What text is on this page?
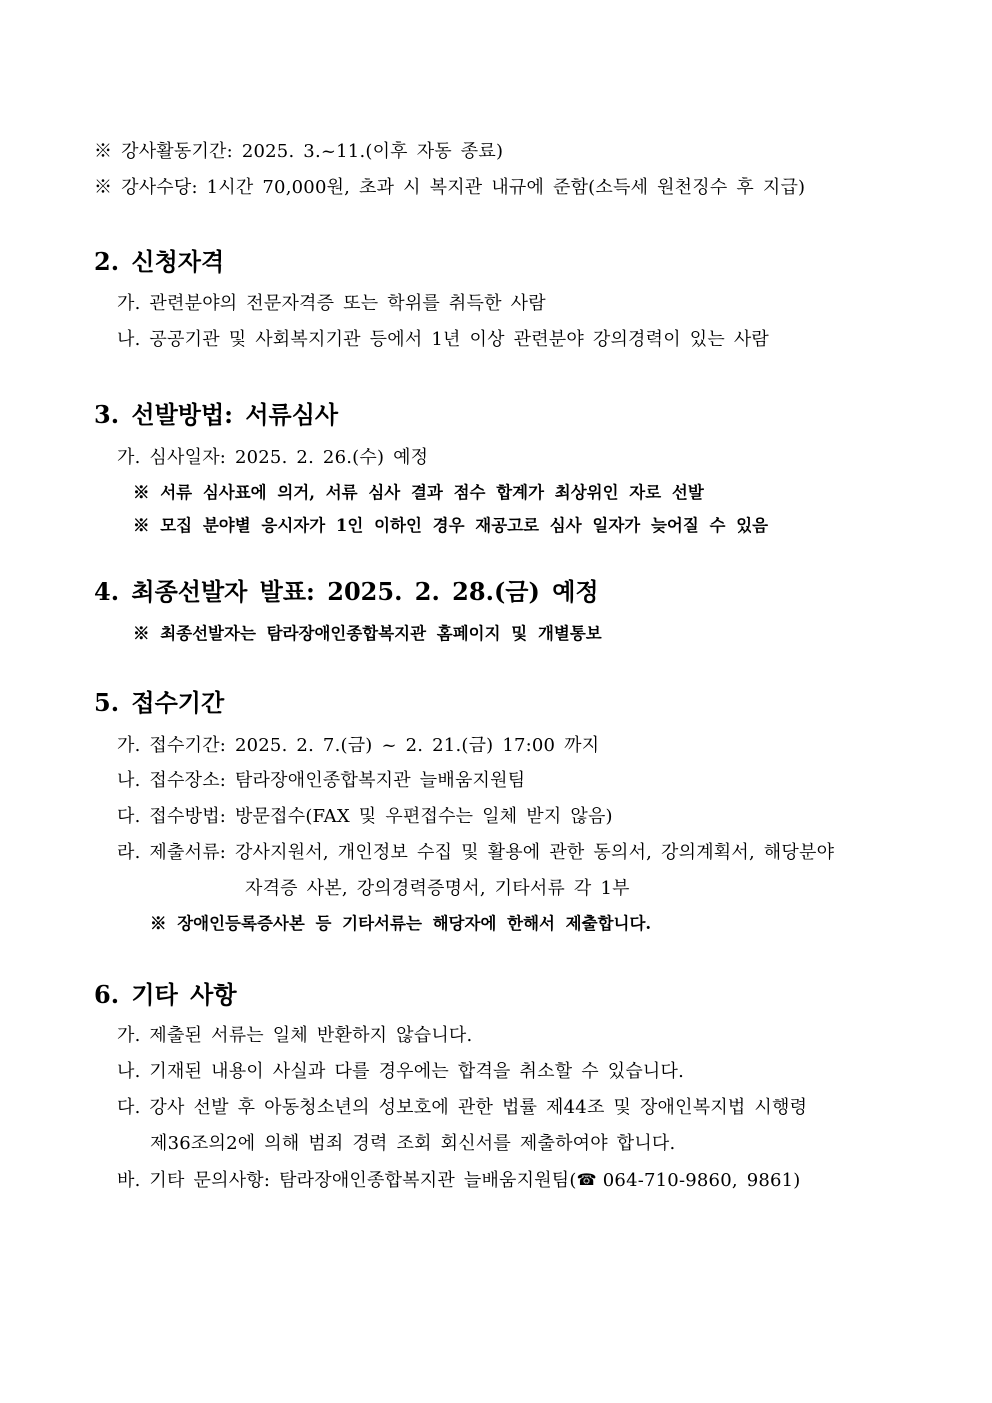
※ 강사활동기간: 2025. 3.~11.(이후 자동 종료)
※ 강사수당: 1시간 70,000원, 초과 시 복지관 내규에 준함(소득세 원천징수 후 지급)
2. 신청자격
가. 관련분야의 전문자격증 또는 학위를 취득한 사람
나. 공공기관 및 사회복지기관 등에서 1년 이상 관련분야 강의경력이 있는 사람
3. 선발방법: 서류심사
가. 심사일자: 2025. 2. 26.(수) 예정
※ 서류 심사표에 의거, 서류 심사 결과 점수 합계가 최상위인 자로 선발
※ 모집 분야별 응시자가 1인 이하인 경우 재공고로 심사 일자가 늦어질 수 있음
4. 최종선발자 발표: 2025. 2. 28.(금) 예정
※ 최종선발자는 탐라장애인종합복지관 홈페이지 및 개별통보
5. 접수기간
가. 접수기간: 2025. 2. 7.(금) ~ 2. 21.(금) 17:00 까지
나. 접수장소: 탐라장애인종합복지관 늘배움지원팀
다. 접수방법: 방문접수(FAX 및 우편접수는 일체 받지 않음)
라. 제출서류: 강사지원서, 개인정보 수집 및 활용에 관한 동의서, 강의계획서, 해당분야
자격증 사본, 강의경력증명서, 기타서류 각 1부
※ 장애인등록증사본 등 기타서류는 해당자에 한해서 제출합니다.
6. 기타 사항
가. 제출된 서류는 일체 반환하지 않습니다.
나. 기재된 내용이 사실과 다를 경우에는 합격을 취소할 수 있습니다.
다. 강사 선발 후 아동청소년의 성보호에 관한 법률 제44조 및 장애인복지법 시행령
제36조의2에 의해 범죄 경력 조회 회신서를 제출하여야 합니다.
바. 기타 문의사항: 탐라장애인종합복지관 늘배움지원팀(☎ 064-710-9860, 9861)
